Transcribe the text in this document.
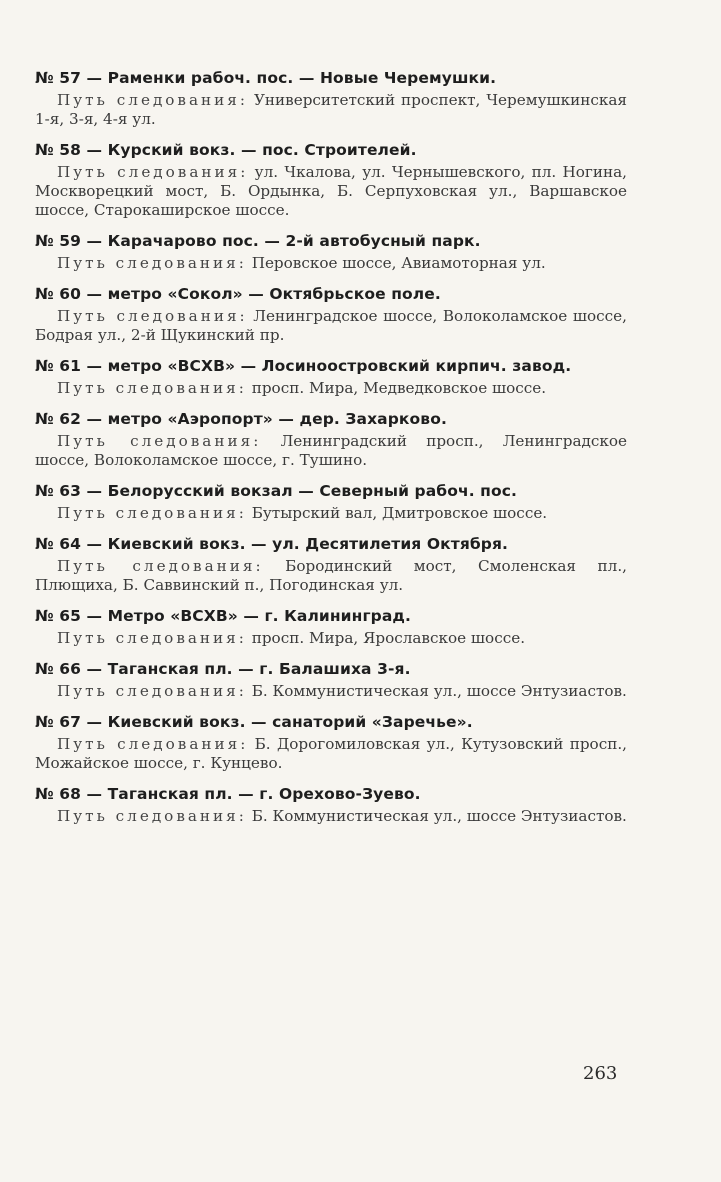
№ 57 — Раменки рабоч. пос. — Новые Черемушки.

Путь следования: Университетский проспект, Черемушкинская 1-я, 3-я, 4-я ул.

№ 58 — Курский вокз. — пос. Строителей.

Путь следования: ул. Чкалова, ул. Чернышевского, пл. Ногина, Москворецкий мост, Б. Ордынка, Б. Серпуховская ул., Варшавское шоссе, Старокаширское шоссе.

№ 59 — Карачарово пос. — 2-й автобусный парк.

Путь следования: Перовское шоссе, Авиамоторная ул.

№ 60 — метро «Сокол» — Октябрьское поле.

Путь следования: Ленинградское шоссе, Волоколамское шоссе, Бодрая ул., 2-й Щукинский пр.

№ 61 — метро «ВСХВ» — Лосиноостровский кирпич. завод.

Путь следования: просп. Мира, Медведковское шоссе.

№ 62 — метро «Аэропорт» — дер. Захарково.

Путь следования: Ленинградский просп., Ленинградское шоссе, Волоколамское шоссе, г. Тушино.

№ 63 — Белорусский вокзал — Северный рабоч. пос.

Путь следования: Бутырский вал, Дмитровское шоссе.

№ 64 — Киевский вокз. — ул. Десятилетия Октября.

Путь следования: Бородинский мост, Смоленская пл., Плющиха, Б. Саввинский п., Погодинская ул.

№ 65 — Метро «ВСХВ» — г. Калининград.

Путь следования: просп. Мира, Ярославское шоссе.

№ 66 — Таганская пл. — г. Балашиха 3-я.

Путь следования: Б. Коммунистическая ул., шоссе Энтузиастов.

№ 67 — Киевский вокз. — санаторий «Заречье».

Путь следования: Б. Дорогомиловская ул., Кутузовский просп., Можайское шоссе, г. Кунцево.

№ 68 — Таганская пл. — г. Орехово-Зуево.

Путь следования: Б. Коммунистическая ул., шоссе Энтузиастов.

263
